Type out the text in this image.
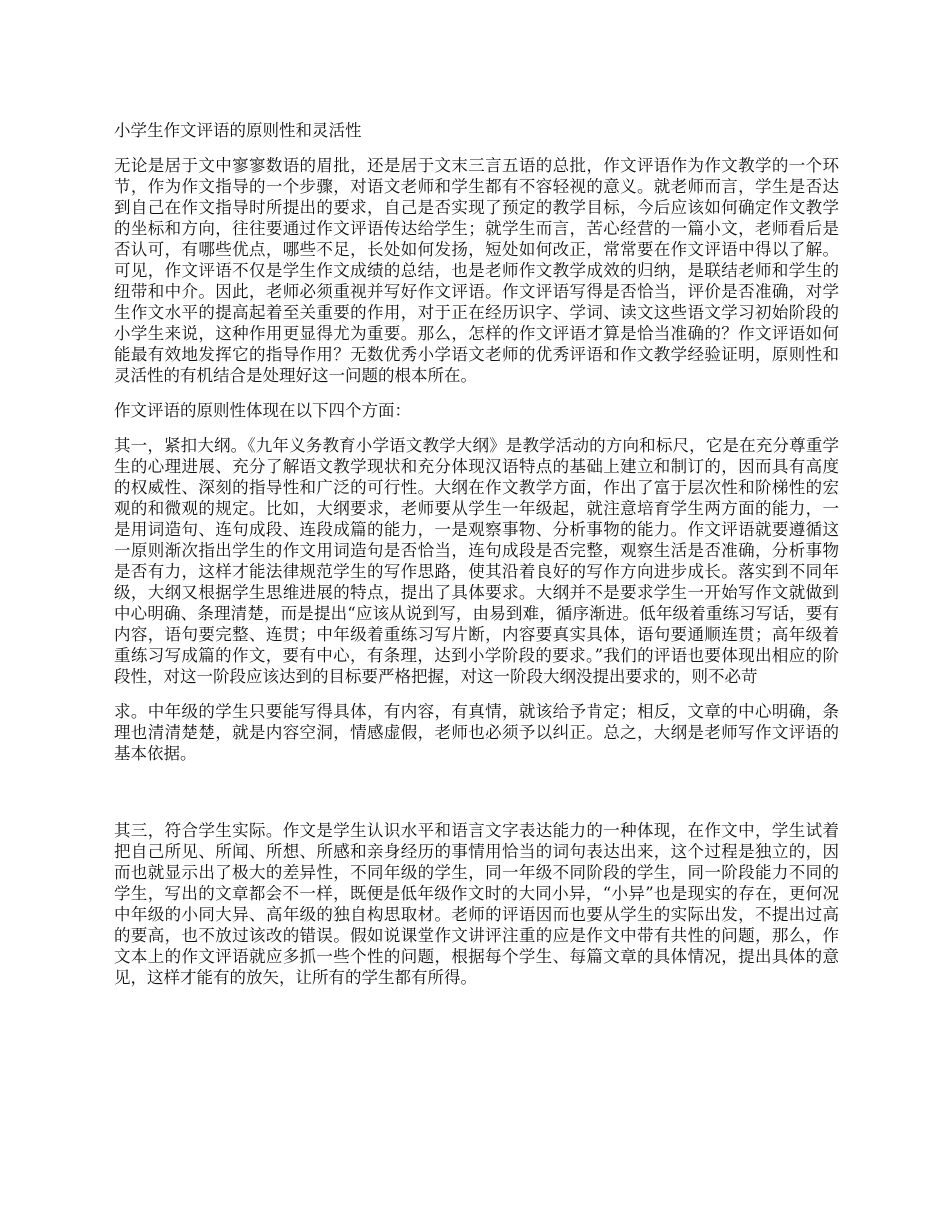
小学生作文评语的原则性和灵活性

无论是居于文中寥寥数语的眉批，还是居于文末三言五语的总批，作文评语作为作文教学的一个环节，作为作文指导的一个步骤，对语文老师和学生都有不容轻视的意义。就老师而言，学生是否达到自己在作文指导时所提出的要求，自己是否实现了预定的教学目标，今后应该如何确定作文教学的坐标和方向，往往要通过作文评语传达给学生；就学生而言，苦心经营的一篇小文，老师看后是否认可，有哪些优点，哪些不足，长处如何发扬，短处如何改正，常常要在作文评语中得以了解。可见，作文评语不仅是学生作文成绩的总结，也是老师作文教学成效的归纳，是联结老师和学生的纽带和中介。因此，老师必须重视并写好作文评语。作文评语写得是否恰当，评价是否准确，对学生作文水平的提高起着至关重要的作用，对于正在经历识字、学词、读文这些语文学习初始阶段的小学生来说，这种作用更显得尤为重要。那么，怎样的作文评语才算是恰当准确的？作文评语如何能最有效地发挥它的指导作用？无数优秀小学语文老师的优秀评语和作文教学经验证明，原则性和灵活性的有机结合是处理好这一问题的根本所在。

作文评语的原则性体现在以下四个方面：

其一，紧扣大纲。《九年义务教育小学语文教学大纲》是教学活动的方向和标尺，它是在充分尊重学生的心理进展、充分了解语文教学现状和充分体现汉语特点的基础上建立和制订的，因而具有高度的权威性、深刻的指导性和广泛的可行性。大纲在作文教学方面，作出了富于层次性和阶梯性的宏观的和微观的规定。比如，大纲要求，老师要从学生一年级起，就注意培育学生两方面的能力，一是用词造句、连句成段、连段成篇的能力，一是观察事物、分析事物的能力。作文评语就要遵循这一原则渐次指出学生的作文用词造句是否恰当，连句成段是否完整，观察生活是否准确，分析事物是否有力，这样才能法律规范学生的写作思路，使其沿着良好的写作方向进步成长。落实到不同年级，大纲又根据学生思维进展的特点，提出了具体要求。大纲并不是要求学生一开始写作文就做到中心明确、条理清楚，而是提出“应该从说到写，由易到难，循序渐进。低年级着重练习写话，要有内容，语句要完整、连贯；中年级着重练习写片断，内容要真实具体，语句要通顺连贯；高年级着重练习写成篇的作文，要有中心，有条理，达到小学阶段的要求。”我们的评语也要体现出相应的阶段性，对这一阶段应该达到的目标要严格把握，对这一阶段大纲没提出要求的，则不必苛

求。中年级的学生只要能写得具体，有内容，有真情，就该给予肯定；相反，文章的中心明确，条理也清清楚楚，就是内容空洞，情感虚假，老师也必须予以纠正。总之，大纲是老师写作文评语的基本依据。

其三，符合学生实际。作文是学生认识水平和语言文字表达能力的一种体现，在作文中，学生试着把自己所见、所闻、所想、所感和亲身经历的事情用恰当的词句表达出来，这个过程是独立的，因而也就显示出了极大的差异性，不同年级的学生，同一年级不同阶段的学生，同一阶段能力不同的学生，写出的文章都会不一样，既便是低年级作文时的大同小异，“小异”也是现实的存在，更何况中年级的小同大异、高年级的独自构思取材。老师的评语因而也要从学生的实际出发，不提出过高的要高，也不放过该改的错误。假如说课堂作文讲评注重的应是作文中带有共性的问题，那么，作文本上的作文评语就应多抓一些个性的问题，根据每个学生、每篇文章的具体情况，提出具体的意见，这样才能有的放矢，让所有的学生都有所得。
